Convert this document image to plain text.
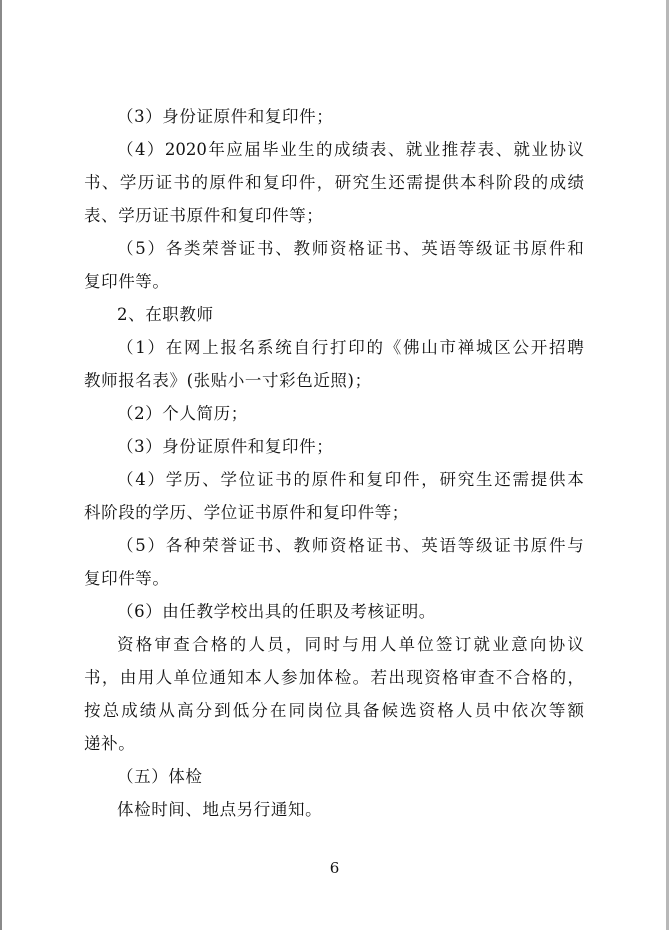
（3）身份证原件和复印件；
（ 4 ） 2020 年 应 届 毕 业 生 的 成 绩 表 、 就 业 推 荐 表 、 就 业 协 议
书 、 学 历 证 书 的 原 件 和 复 印 件 ， 研 究 生 还 需 提 供 本 科 阶 段 的 成 绩
表、学历证书原件和复印件等；
（ 5 ） 各 类 荣 誉 证 书 、 教 师 资 格 证 书 、 英 语 等 级 证 书 原 件 和
复印件等。
2、在职教师
（ 1 ） 在 网 上 报 名 系 统 自 行 打 印 的 《 佛 山 市 禅 城 区 公 开 招 聘
教师报名表》(张贴小一寸彩色近照)；
（2）个人简历；
（3）身份证原件和复印件；
（ 4 ） 学 历 、 学 位 证 书 的 原 件 和 复 印 件 ， 研 究 生 还 需 提 供 本
科阶段的学历、学位证书原件和复印件等；
（ 5 ） 各 种 荣 誉 证 书 、 教 师 资 格 证 书 、 英 语 等 级 证 书 原 件 与
复印件等。
（6）由任教学校出具的任职及考核证明。
资 格 审 查 合 格 的 人 员 ， 同 时 与 用 人 单 位 签 订 就 业 意 向 协 议
书 ， 由 用 人 单 位 通 知 本 人 参 加 体 检 。 若 出 现 资 格 审 查 不 合 格 的 ，
按 总 成 绩 从 高 分 到 低 分 在 同 岗 位 具 备 候 选 资 格 人 员 中 依 次 等 额
递补。
（五）体检
体检时间、地点另行通知。
6
